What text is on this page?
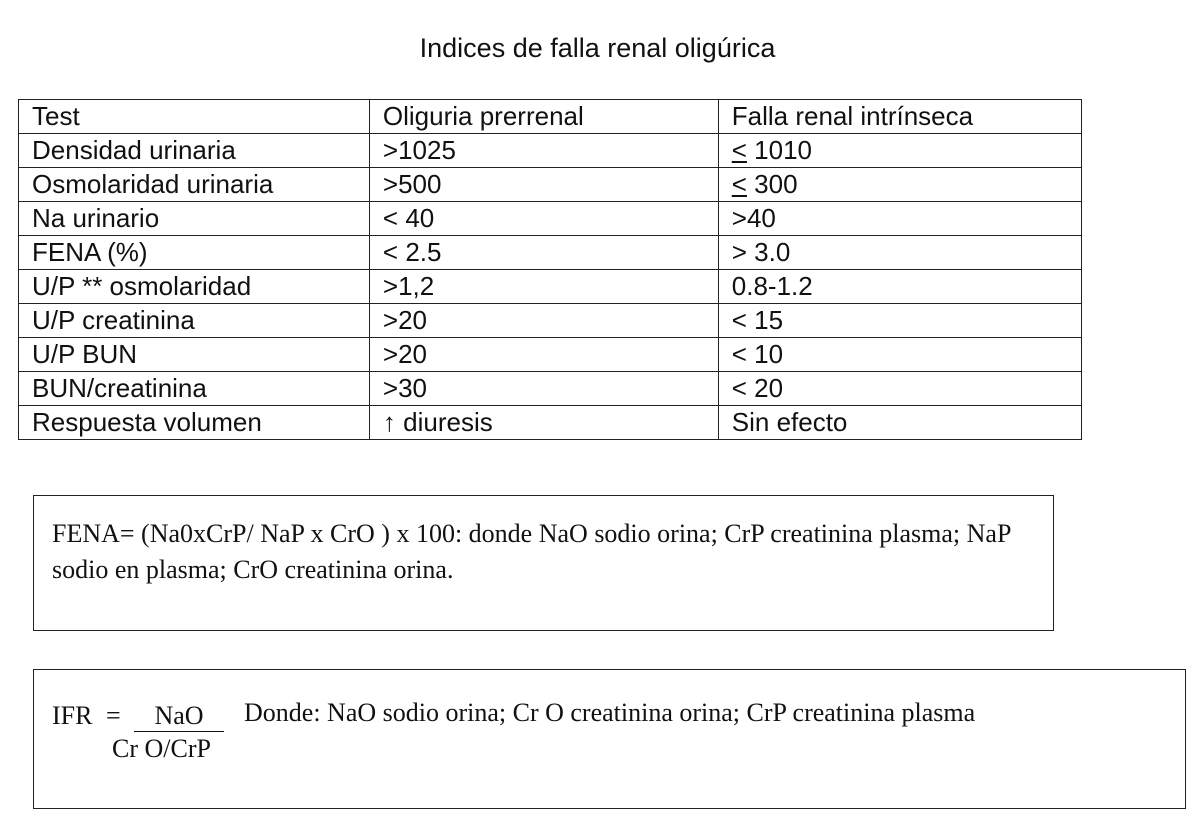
Indices de falla renal oligúrica
Test	Oliguria prerrenal	Falla renal intrínseca
Densidad urinaria	>1025	< 1010
Osmolaridad urinaria	>500	< 300
Na urinario	< 40	>40
FENA (%)	< 2.5	> 3.0
U/P ** osmolaridad	>1,2	0.8-1.2
U/P creatinina	>20	< 15
U/P BUN	>20	< 10
BUN/creatinina	>30	< 20
Respuesta volumen	↑ diuresis	Sin efecto
FENA= (Na0xCrP/ NaP x CrO ) x 100: donde NaO sodio orina; CrP creatinina plasma; NaP sodio en plasma; CrO creatinina orina.
IFR =	NaO
Cr O/CrP
Donde: NaO sodio orina; Cr O creatinina orina; CrP creatinina plasma
